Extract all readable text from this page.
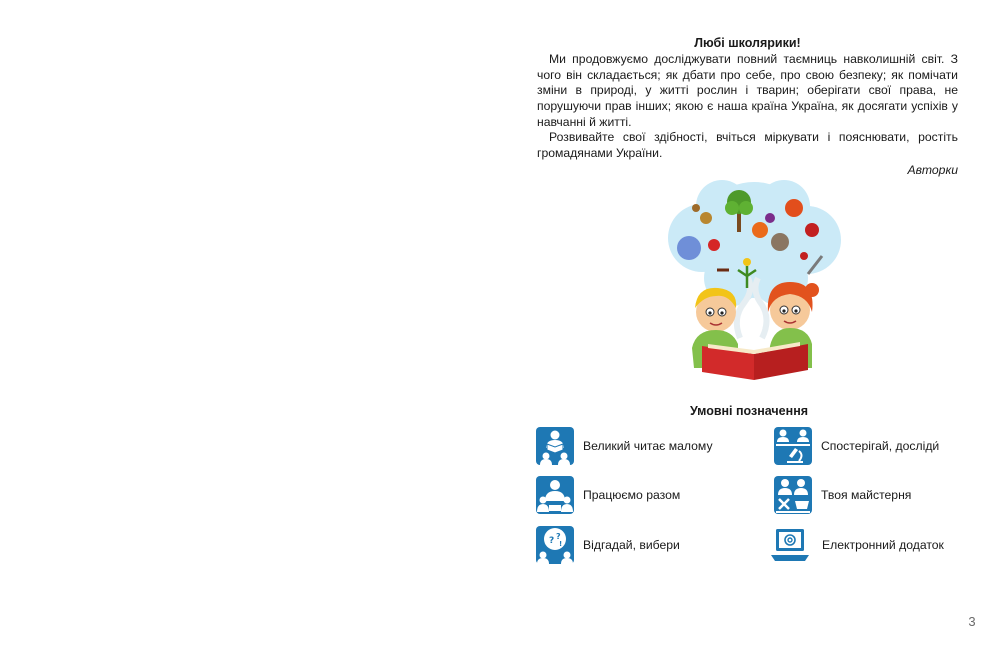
Любі школярики!

Ми продовжуємо досліджувати повний таємниць навколишній світ. З чого він складається; як дбати про себе, про свою безпеку; як помічати зміни в природі, у житті рослин і тварин; оберігати свої права, не порушуючи прав інших; якою є наша країна Україна, як досягати успіхів у навчанні й житті.

Розвивайте свої здібності, вчіться міркувати і пояснювати, ростіть громадянами України.

Авторки
Умовні позначення
Великий читає малому
Працюємо разом
? ?
! Відгадай, вибери
Спостерігай, досліди́
Твоя майстерня
Електронний додаток
3
